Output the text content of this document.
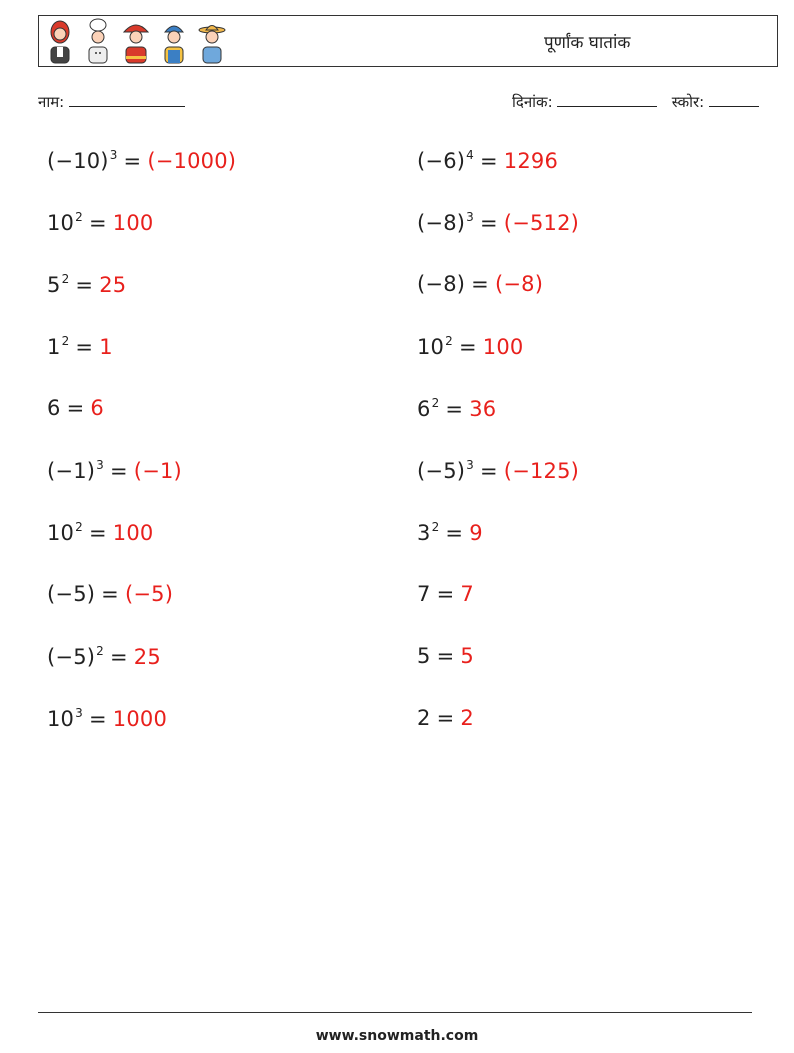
पूर्णांक घातांक
नाम:	दिनांक:	स्कोर:
$(-10)^3 = (-1000)$	$(-6)^4 = 1296$
$10^2 = 100$	$(-8)^3 = (-512)$
$5^2 = 25$	(−8) = (−8)
$1^2 = 1$	$10^2 = 100$
6 = 6	$6^2 = 36$
$(-1)^3 = (-1)$	$(-5)^3 = (-125)$
$10^2 = 100$	$3^2 = 9$
(−5) = (−5)	7 = 7
$(-5)^2 = 25$	5 = 5
$10^3 = 1000$	2 = 2
www.snowmath.com
